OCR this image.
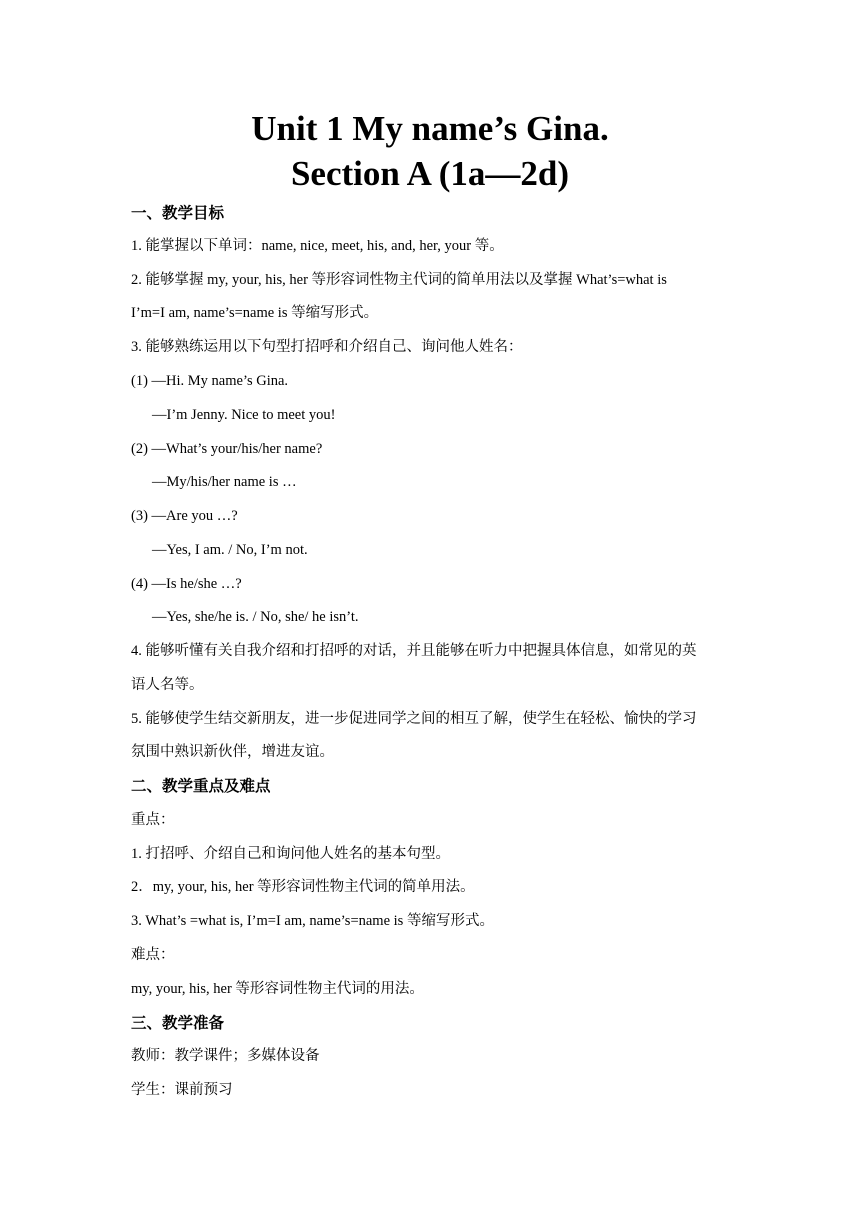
Unit 1 My name’s Gina.
Section A (1a—2d)
一、教学目标
1. 能掌握以下单词：name, nice, meet, his, and, her, your 等。
2. 能够掌握 my, your, his, her 等形容词性物主代词的简单用法以及掌握 What’s=what is
I’m=I am, name’s=name is 等缩写形式。
3. 能够熟练运用以下句型打招呼和介绍自己、询问他人姓名：
(1) —Hi. My name’s Gina.
—I’m Jenny. Nice to meet you!
(2) —What’s your/his/her name?
—My/his/her name is …
(3) —Are you …?
—Yes, I am. / No, I’m not.
(4) —Is he/she …?
—Yes, she/he is. / No, she/ he isn’t.
4. 能够听懂有关自我介绍和打招呼的对话，并且能够在听力中把握具体信息，如常见的英
语人名等。
5. 能够使学生结交新朋友，进一步促进同学之间的相互了解，使学生在轻松、愉快的学习
氛围中熟识新伙伴，增进友谊。
二、教学重点及难点
重点：
1. 打招呼、介绍自己和询问他人姓名的基本句型。
2．my, your, his, her 等形容词性物主代词的简单用法。
3. What’s =what is, I’m=I am, name’s=name is 等缩写形式。
难点：
my, your, his, her 等形容词性物主代词的用法。
三、教学准备
教师：教学课件；多媒体设备
学生：课前预习
